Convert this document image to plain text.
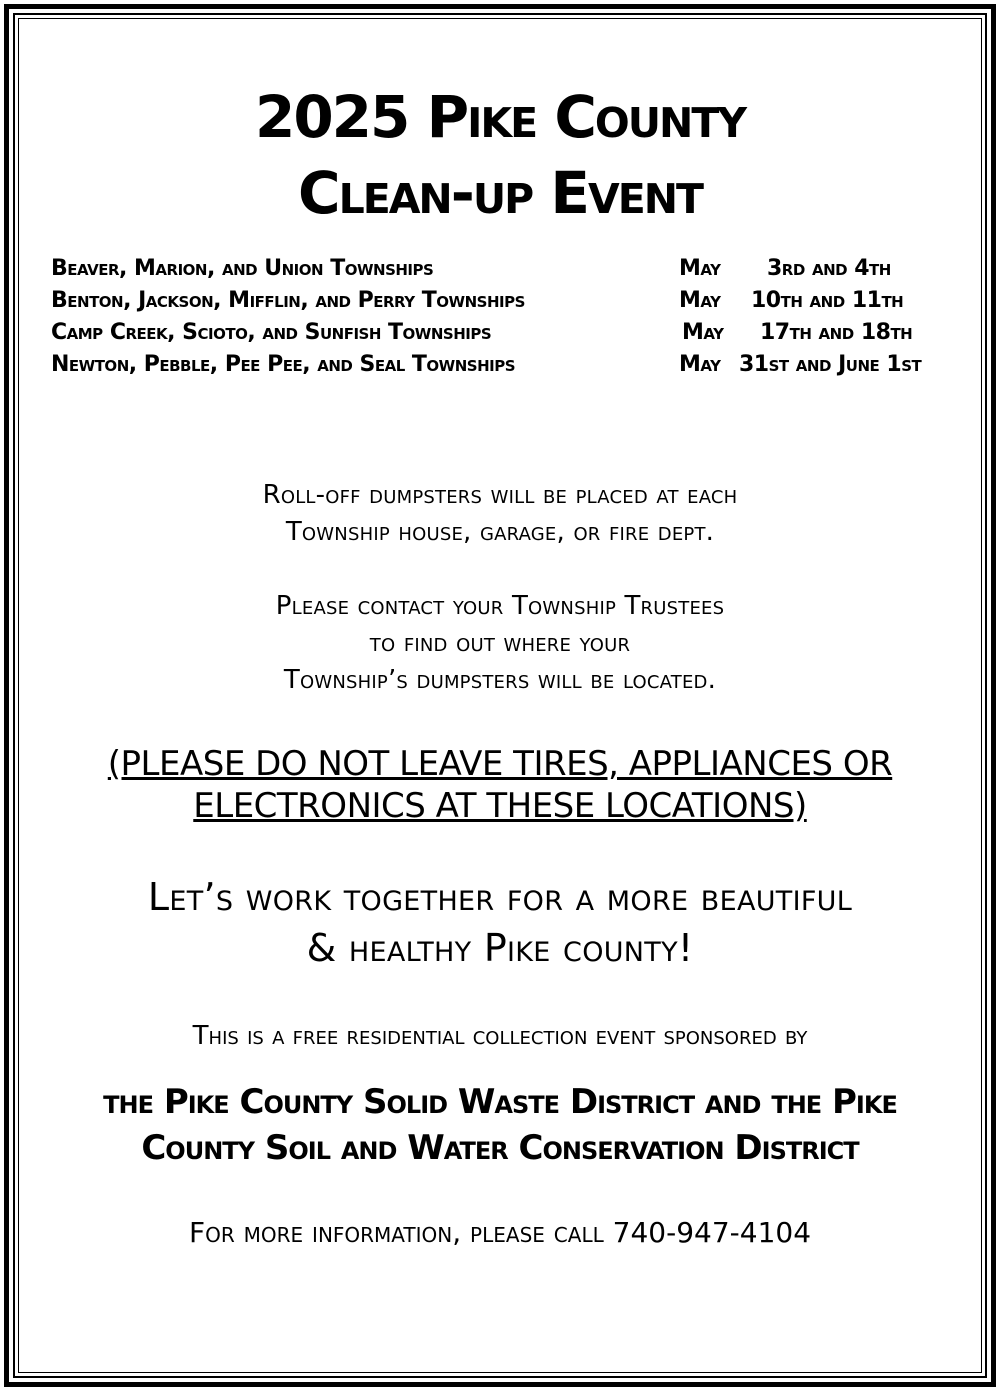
2025 Pike County
Clean-up Event
Beaver, Marion, and Union Townships	May 3rd and 4th
Benton, Jackson, Mifflin, and Perry Townships	May 10th and 11th
Camp Creek, Scioto, and Sunfish Townships	May 17th and 18th
Newton, Pebble, Pee Pee, and Seal Townships	May 31st and June 1st
Roll-off dumpsters will be placed at each
Township house, garage, or fire dept.
Please contact your Township Trustees
to find out where your
Township’s dumpsters will be located.
(PLEASE DO NOT LEAVE TIRES, APPLIANCES OR
ELECTRONICS AT THESE LOCATIONS)
Let’s work together for a more beautiful
& healthy Pike county!
This is a free residential collection event sponsored by
the Pike County Solid Waste District and the Pike
County Soil and Water Conservation District
For more information, please call 740-947-4104
